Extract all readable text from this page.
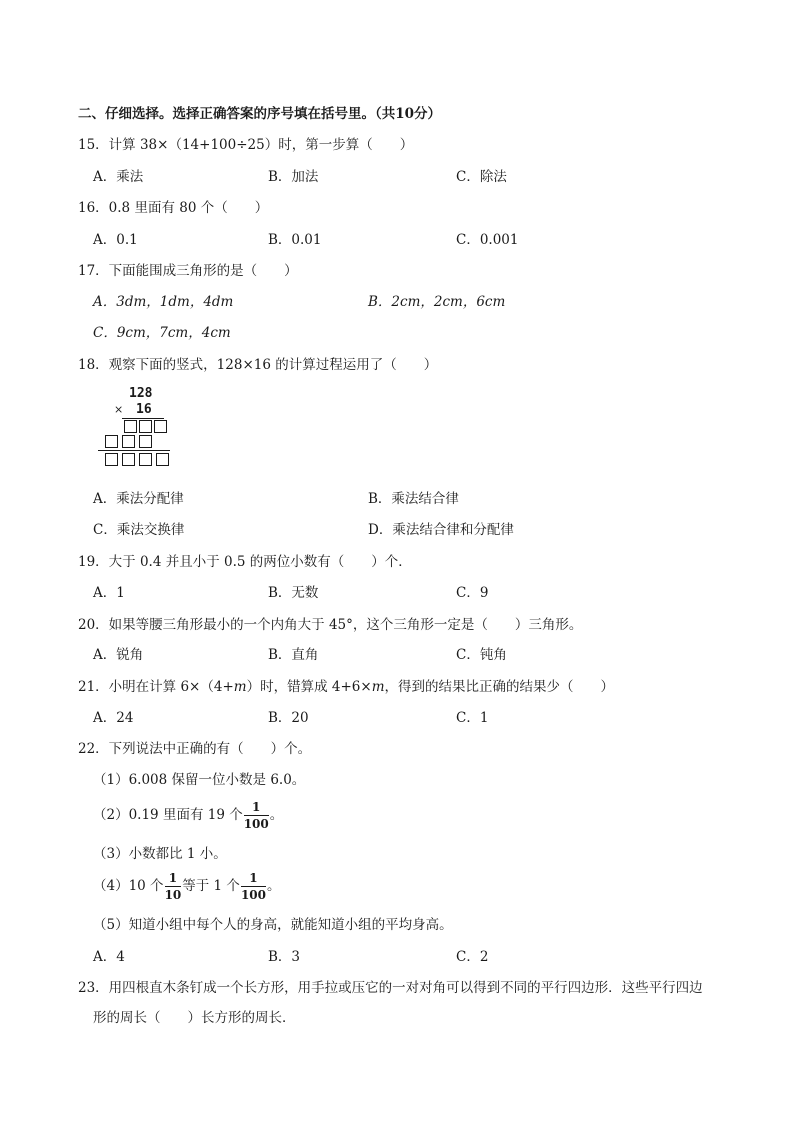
二、仔细选择。选择正确答案的序号填在括号里。（共10分）
15．计算 38×（14+100÷25）时，第一步算（　　）
A．乘法	B．加法	C．除法
16．0.8 里面有 80 个（　　）
A．0.1	B．0.01	C．0.001
17．下面能围成三角形的是（　　）
A．3dm，1dm，4dm	B．2cm，2cm，6cm
C．9cm，7cm，4cm
18．观察下面的竖式，128×16 的计算过程运用了（　　）
128
× 16
A．乘法分配律	B．乘法结合律
C．乘法交换律	D．乘法结合律和分配律
19．大于 0.4 并且小于 0.5 的两位小数有（　　）个．
A．1	B．无数	C．9
20．如果等腰三角形最小的一个内角大于 45°，这个三角形一定是（　　）三角形。
A．锐角	B．直角	C．钝角
21．小明在计算 6×（4+m）时，错算成 4+6×m，得到的结果比正确的结果少（　　）
A．24	B．20	C．1
22．下列说法中正确的有（　　）个。
（1）6.008 保留一位小数是 6.0。
（2）0.19 里面有 19 个 $\frac{1}{100}$ 。
（3）小数都比 1 小。
（4）10 个 $\frac{1}{10}$ 等于 1 个 $\frac{1}{100}$ 。
（5）知道小组中每个人的身高，就能知道小组的平均身高。
A．4	B．3	C．2
23．用四根直木条钉成一个长方形，用手拉或压它的一对对角可以得到不同的平行四边形．这些平行四边
形的周长（　　）长方形的周长．
